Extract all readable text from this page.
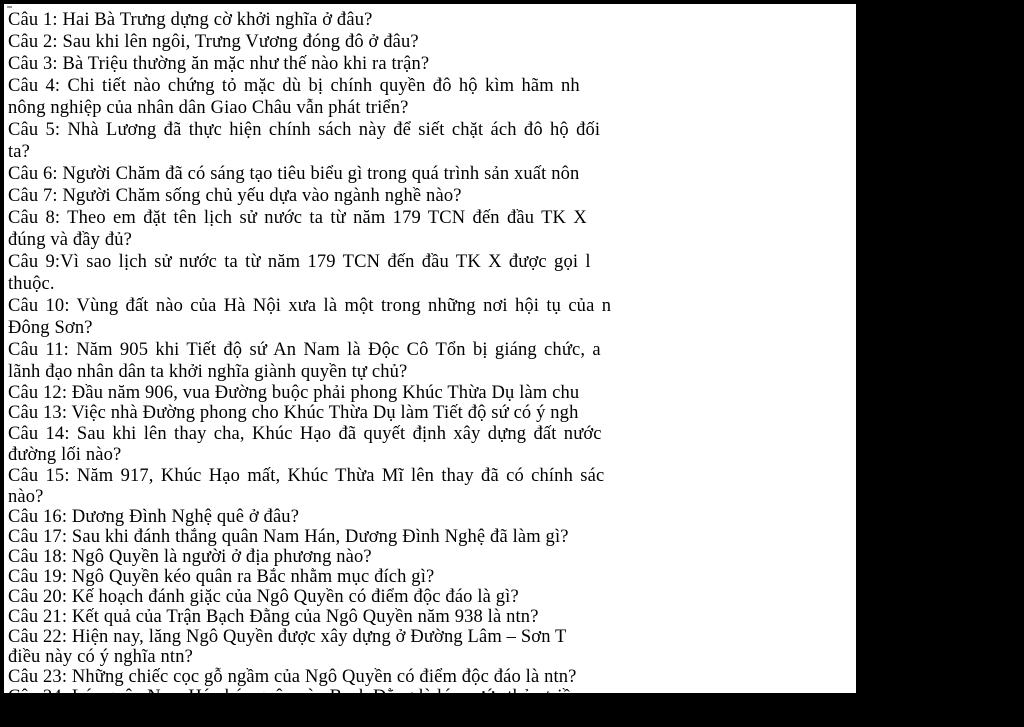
Câu 1: Hai Bà Trưng dựng cờ khởi nghĩa ở đâu?
Câu 2: Sau khi lên ngôi, Trưng Vương đóng đô ở đâu?
Câu 3: Bà Triệu thường ăn mặc như thế nào khi ra trận?
Câu 4: Chi tiết nào chứng tỏ mặc dù bị chính quyền đô hộ kìm hãm nh
nông nghiệp của nhân dân Giao Châu vẫn phát triển?
Câu 5: Nhà Lương đã thực hiện chính sách này để siết chặt ách đô hộ đối
ta?
Câu 6: Người Chăm đã có sáng tạo tiêu biểu gì trong quá trình sản xuất nôn
Câu 7: Người Chăm sống chủ yếu dựa vào ngành nghề nào?
Câu 8: Theo em đặt tên lịch sử nước ta từ năm 179 TCN đến đầu TK X
đúng và đầy đủ?
Câu 9:Vì sao lịch sử nước ta từ năm 179 TCN đến đầu TK X được gọi l
thuộc.
Câu 10: Vùng đất nào của Hà Nội xưa là một trong những nơi hội tụ của n
Đông Sơn?
Câu 11: Năm 905 khi Tiết độ sứ An Nam là Độc Cô Tổn bị giáng chức, a
lãnh đạo nhân dân ta khởi nghĩa giành quyền tự chủ?
Câu 12: Đầu năm 906, vua Đường buộc phải phong Khúc Thừa Dụ làm chu
Câu 13: Việc nhà Đường phong cho Khúc Thừa Dụ làm Tiết độ sứ có ý ngh
Câu 14: Sau khi lên thay cha, Khúc Hạo đã quyết định xây dựng đất nước
đường lối nào?
Câu 15: Năm 917, Khúc Hạo mất, Khúc Thừa Mĩ lên thay đã có chính sác
nào?
Câu 16: Dương Đình Nghệ quê ở đâu?
Câu 17: Sau khi đánh thắng quân Nam Hán, Dương Đình Nghệ đã làm gì?
Câu 18: Ngô Quyền là người ở địa phương nào?
Câu 19: Ngô Quyền kéo quân ra Bắc nhằm mục đích gì?
Câu 20: Kế hoạch đánh giặc của Ngô Quyền có điểm độc đáo là gì?
Câu 21: Kết quả của Trận Bạch Đằng của Ngô Quyền năm 938 là ntn?
Câu 22: Hiện nay, lăng Ngô Quyền được xây dựng ở Đường Lâm – Sơn T
điều này có ý nghĩa ntn?
Câu 23: Những chiếc cọc gỗ ngầm của Ngô Quyền có điểm độc đáo là ntn?
Câu 24: Lúc quân Nam Hán kéo quân vào Bạch Đằng là lúc nước thủy triều
Câu 25: Tướng Hoằng Tháo trong trận Bạch Đằng đã bị ntn?
